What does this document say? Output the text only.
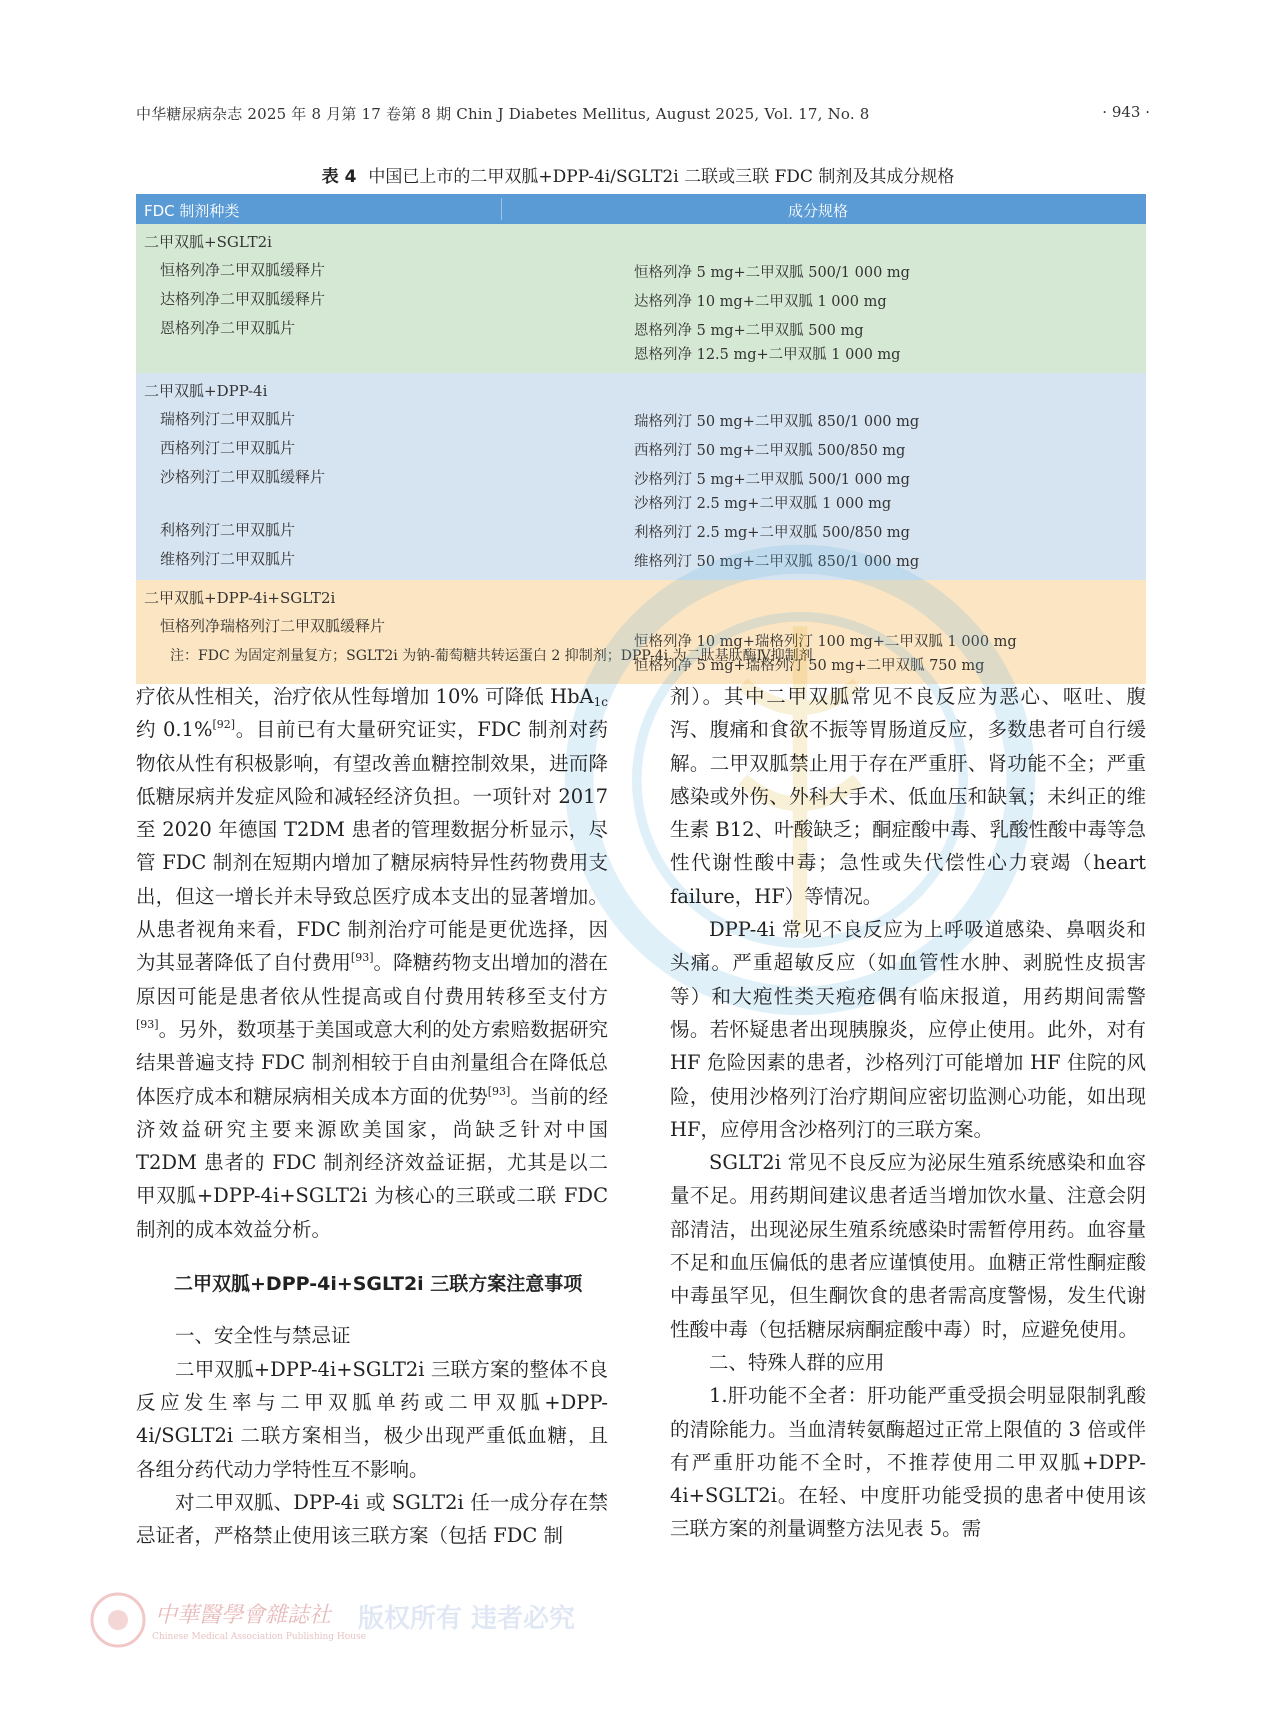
中华糖尿病杂志 2025 年 8 月第 17 卷第 8 期 Chin J Diabetes Mellitus, August 2025, Vol. 17, No. 8	· 943 ·
表 4 中国已上市的二甲双胍+DPP-4i/SGLT2i 二联或三联 FDC 制剂及其成分规格
FDC 制剂种类	成分规格
二甲双胍+SGLT2i
恒格列净二甲双胍缓释片	恒格列净 5 mg+二甲双胍 500/1 000 mg
达格列净二甲双胍缓释片	达格列净 10 mg+二甲双胍 1 000 mg
恩格列净二甲双胍片	恩格列净 5 mg+二甲双胍 500 mg
恩格列净 12.5 mg+二甲双胍 1 000 mg
二甲双胍+DPP-4i
瑞格列汀二甲双胍片	瑞格列汀 50 mg+二甲双胍 850/1 000 mg
西格列汀二甲双胍片	西格列汀 50 mg+二甲双胍 500/850 mg
沙格列汀二甲双胍缓释片	沙格列汀 5 mg+二甲双胍 500/1 000 mg
沙格列汀 2.5 mg+二甲双胍 1 000 mg
利格列汀二甲双胍片	利格列汀 2.5 mg+二甲双胍 500/850 mg
维格列汀二甲双胍片	维格列汀 50 mg+二甲双胍 850/1 000 mg
二甲双胍+DPP-4i+SGLT2i
恒格列净瑞格列汀二甲双胍缓释片
恒格列净 10 mg+瑞格列汀 100 mg+二甲双胍 1 000 mg
恒格列净 5 mg+瑞格列汀 50 mg+二甲双胍 750 mg
注：FDC 为固定剂量复方；SGLT2i 为钠-葡萄糖共转运蛋白 2 抑制剂；DPP-4i 为二肽基肽酶Ⅳ抑制剂

疗依从性相关，治疗依从性每增加 10% 可降低 HbA$_{1c}$ 约 0.1%[92]。目前已有大量研究证实，FDC 制剂对药物依从性有积极影响，有望改善血糖控制效果，进而降低糖尿病并发症风险和减轻经济负担。一项针对 2017 至 2020 年德国 T2DM 患者的管理数据分析显示，尽管 FDC 制剂在短期内增加了糖尿病特异性药物费用支出，但这一增长并未导致总医疗成本支出的显著增加。从患者视角来看，FDC 制剂治疗可能是更优选择，因为其显著降低了自付费用[93]。降糖药物支出增加的潜在原因可能是患者依从性提高或自付费用转移至支付方[93]。另外，数项基于美国或意大利的处方索赔数据研究结果普遍支持 FDC 制剂相较于自由剂量组合在降低总体医疗成本和糖尿病相关成本方面的优势[93]。当前的经济效益研究主要来源欧美国家，尚缺乏针对中国 T2DM 患者的 FDC 制剂经济效益证据，尤其是以二甲双胍+DPP-4i+SGLT2i 为核心的三联或二联 FDC 制剂的成本效益分析。

二甲双胍+DPP-4i+SGLT2i 三联方案注意事项

一、安全性与禁忌证

二甲双胍+DPP-4i+SGLT2i 三联方案的整体不良反应发生率与二甲双胍单药或二甲双胍+DPP-4i/SGLT2i 二联方案相当，极少出现严重低血糖，且各组分药代动力学特性互不影响。

对二甲双胍、DPP-4i 或 SGLT2i 任一成分存在禁忌证者，严格禁止使用该三联方案（包括 FDC 制

剂）。其中二甲双胍常见不良反应为恶心、呕吐、腹泻、腹痛和食欲不振等胃肠道反应，多数患者可自行缓解。二甲双胍禁止用于存在严重肝、肾功能不全；严重感染或外伤、外科大手术、低血压和缺氧；未纠正的维生素 B12、叶酸缺乏；酮症酸中毒、乳酸性酸中毒等急性代谢性酸中毒；急性或失代偿性心力衰竭（heart failure，HF）等情况。

DPP-4i 常见不良反应为上呼吸道感染、鼻咽炎和头痛。严重超敏反应（如血管性水肿、剥脱性皮损害等）和大疱性类天疱疮偶有临床报道，用药期间需警惕。若怀疑患者出现胰腺炎，应停止使用。此外，对有 HF 危险因素的患者，沙格列汀可能增加 HF 住院的风险，使用沙格列汀治疗期间应密切监测心功能，如出现 HF，应停用含沙格列汀的三联方案。

SGLT2i 常见不良反应为泌尿生殖系统感染和血容量不足。用药期间建议患者适当增加饮水量、注意会阴部清洁，出现泌尿生殖系统感染时需暂停用药。血容量不足和血压偏低的患者应谨慎使用。血糖正常性酮症酸中毒虽罕见，但生酮饮食的患者需高度警惕，发生代谢性酸中毒（包括糖尿病酮症酸中毒）时，应避免使用。

二、特殊人群的应用

1.肝功能不全者：肝功能严重受损会明显限制乳酸的清除能力。当血清转氨酶超过正常上限值的 3 倍或伴有严重肝功能不全时，不推荐使用二甲双胍+DPP-4i+SGLT2i。在轻、中度肝功能受损的患者中使用该三联方案的剂量调整方法见表 5。需

中華醫學會雜誌社
Chinese Medical Association Publishing House
版权所有 违者必究
